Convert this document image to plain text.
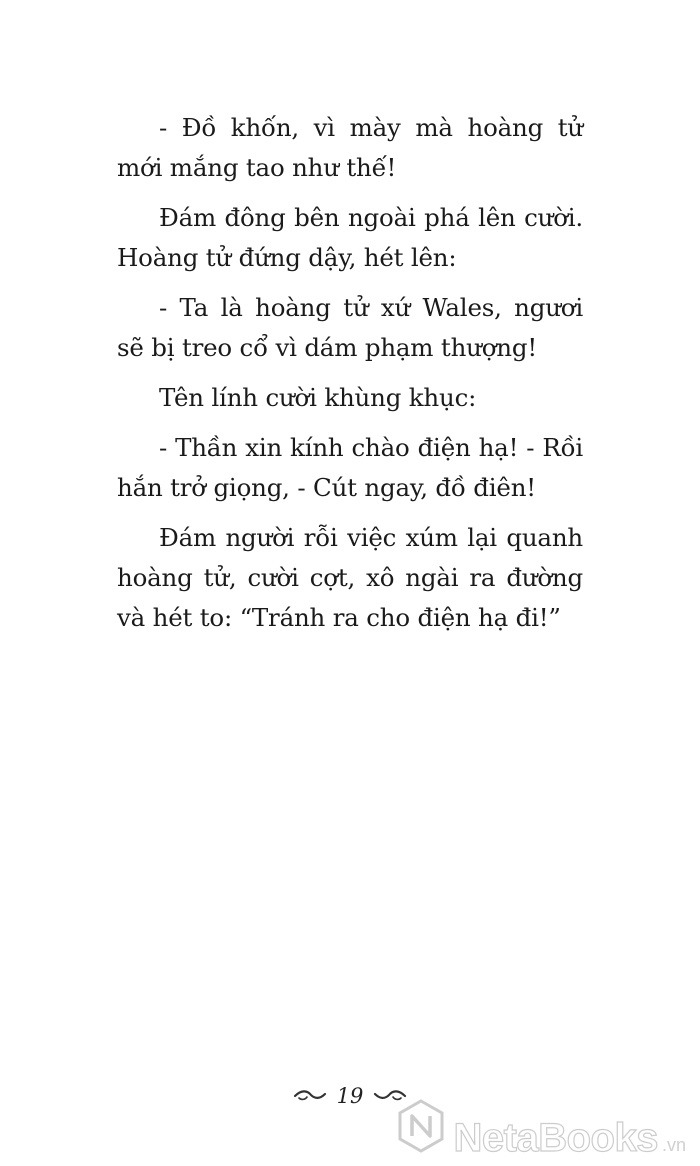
- Đồ khốn, vì mày mà hoàng tử mới mắng tao như thế!

Đám đông bên ngoài phá lên cười. Hoàng tử đứng dậy, hét lên:

- Ta là hoàng tử xứ Wales, ngươi sẽ bị treo cổ vì dám phạm thượng!

Tên lính cười khùng khục:

- Thần xin kính chào điện hạ! - Rồi hắn trở giọng, - Cút ngay, đồ điên!

Đám người rỗi việc xúm lại quanh hoàng tử, cười cợt, xô ngài ra đường và hét to: “Tránh ra cho điện hạ đi!”

19
NetaBooks .vn
